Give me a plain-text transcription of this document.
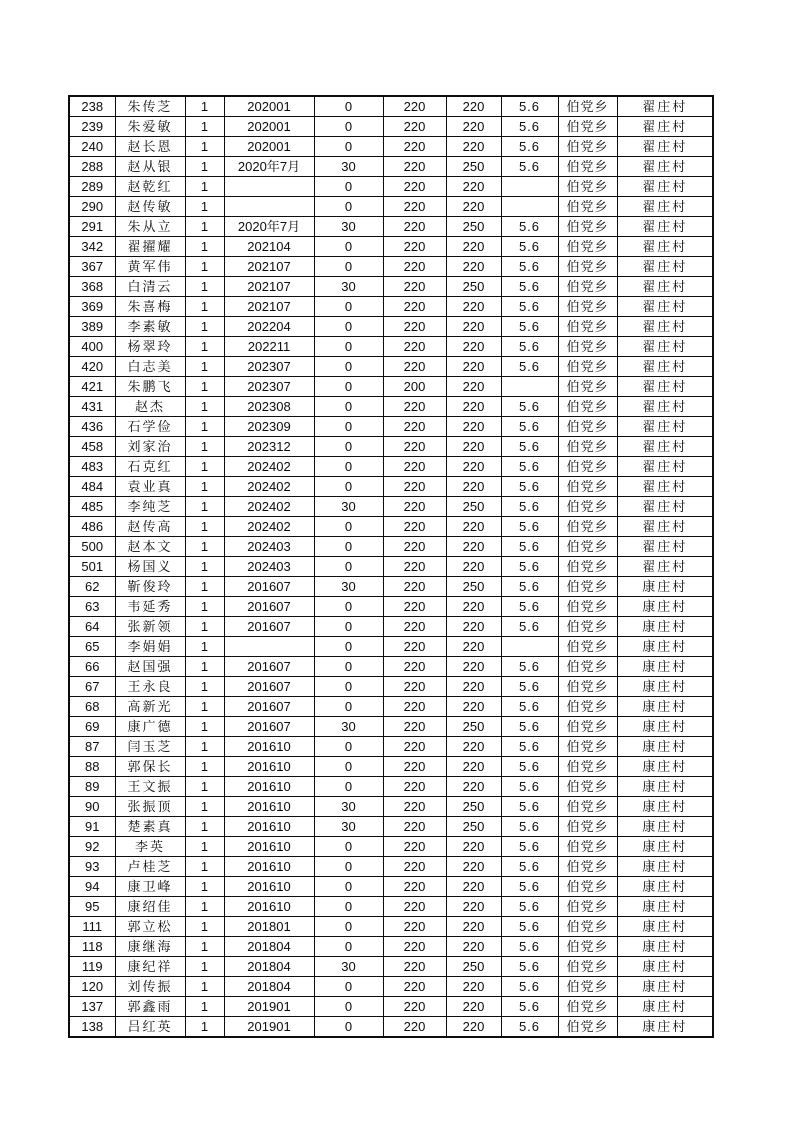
238	朱传芝	1	202001	0	220	220	5.6	伯党乡	翟庄村
239	朱爱敏	1	202001	0	220	220	5.6	伯党乡	翟庄村
240	赵长恩	1	202001	0	220	220	5.6	伯党乡	翟庄村
288	赵从银	1	2020年7月	30	220	250	5.6	伯党乡	翟庄村
289	赵乾红	1		0	220	220		伯党乡	翟庄村
290	赵传敏	1		0	220	220		伯党乡	翟庄村
291	朱从立	1	2020年7月	30	220	250	5.6	伯党乡	翟庄村
342	翟擢耀	1	202104	0	220	220	5.6	伯党乡	翟庄村
367	黄军伟	1	202107	0	220	220	5.6	伯党乡	翟庄村
368	白清云	1	202107	30	220	250	5.6	伯党乡	翟庄村
369	朱喜梅	1	202107	0	220	220	5.6	伯党乡	翟庄村
389	李素敏	1	202204	0	220	220	5.6	伯党乡	翟庄村
400	杨翠玲	1	202211	0	220	220	5.6	伯党乡	翟庄村
420	白志美	1	202307	0	220	220	5.6	伯党乡	翟庄村
421	朱鹏飞	1	202307	0	200	220		伯党乡	翟庄村
431	赵杰	1	202308	0	220	220	5.6	伯党乡	翟庄村
436	石学俭	1	202309	0	220	220	5.6	伯党乡	翟庄村
458	刘家治	1	202312	0	220	220	5.6	伯党乡	翟庄村
483	石克红	1	202402	0	220	220	5.6	伯党乡	翟庄村
484	袁业真	1	202402	0	220	220	5.6	伯党乡	翟庄村
485	李纯芝	1	202402	30	220	250	5.6	伯党乡	翟庄村
486	赵传高	1	202402	0	220	220	5.6	伯党乡	翟庄村
500	赵本文	1	202403	0	220	220	5.6	伯党乡	翟庄村
501	杨国义	1	202403	0	220	220	5.6	伯党乡	翟庄村
62	靳俊玲	1	201607	30	220	250	5.6	伯党乡	康庄村
63	韦延秀	1	201607	0	220	220	5.6	伯党乡	康庄村
64	张新领	1	201607	0	220	220	5.6	伯党乡	康庄村
65	李娟娟	1		0	220	220		伯党乡	康庄村
66	赵国强	1	201607	0	220	220	5.6	伯党乡	康庄村
67	王永良	1	201607	0	220	220	5.6	伯党乡	康庄村
68	高新光	1	201607	0	220	220	5.6	伯党乡	康庄村
69	康广德	1	201607	30	220	250	5.6	伯党乡	康庄村
87	闫玉芝	1	201610	0	220	220	5.6	伯党乡	康庄村
88	郭保长	1	201610	0	220	220	5.6	伯党乡	康庄村
89	王文振	1	201610	0	220	220	5.6	伯党乡	康庄村
90	张振顶	1	201610	30	220	250	5.6	伯党乡	康庄村
91	楚素真	1	201610	30	220	250	5.6	伯党乡	康庄村
92	李英	1	201610	0	220	220	5.6	伯党乡	康庄村
93	卢桂芝	1	201610	0	220	220	5.6	伯党乡	康庄村
94	康卫峰	1	201610	0	220	220	5.6	伯党乡	康庄村
95	康绍佳	1	201610	0	220	220	5.6	伯党乡	康庄村
111	郭立松	1	201801	0	220	220	5.6	伯党乡	康庄村
118	康继海	1	201804	0	220	220	5.6	伯党乡	康庄村
119	康纪祥	1	201804	30	220	250	5.6	伯党乡	康庄村
120	刘传振	1	201804	0	220	220	5.6	伯党乡	康庄村
137	郭鑫雨	1	201901	0	220	220	5.6	伯党乡	康庄村
138	吕红英	1	201901	0	220	220	5.6	伯党乡	康庄村
